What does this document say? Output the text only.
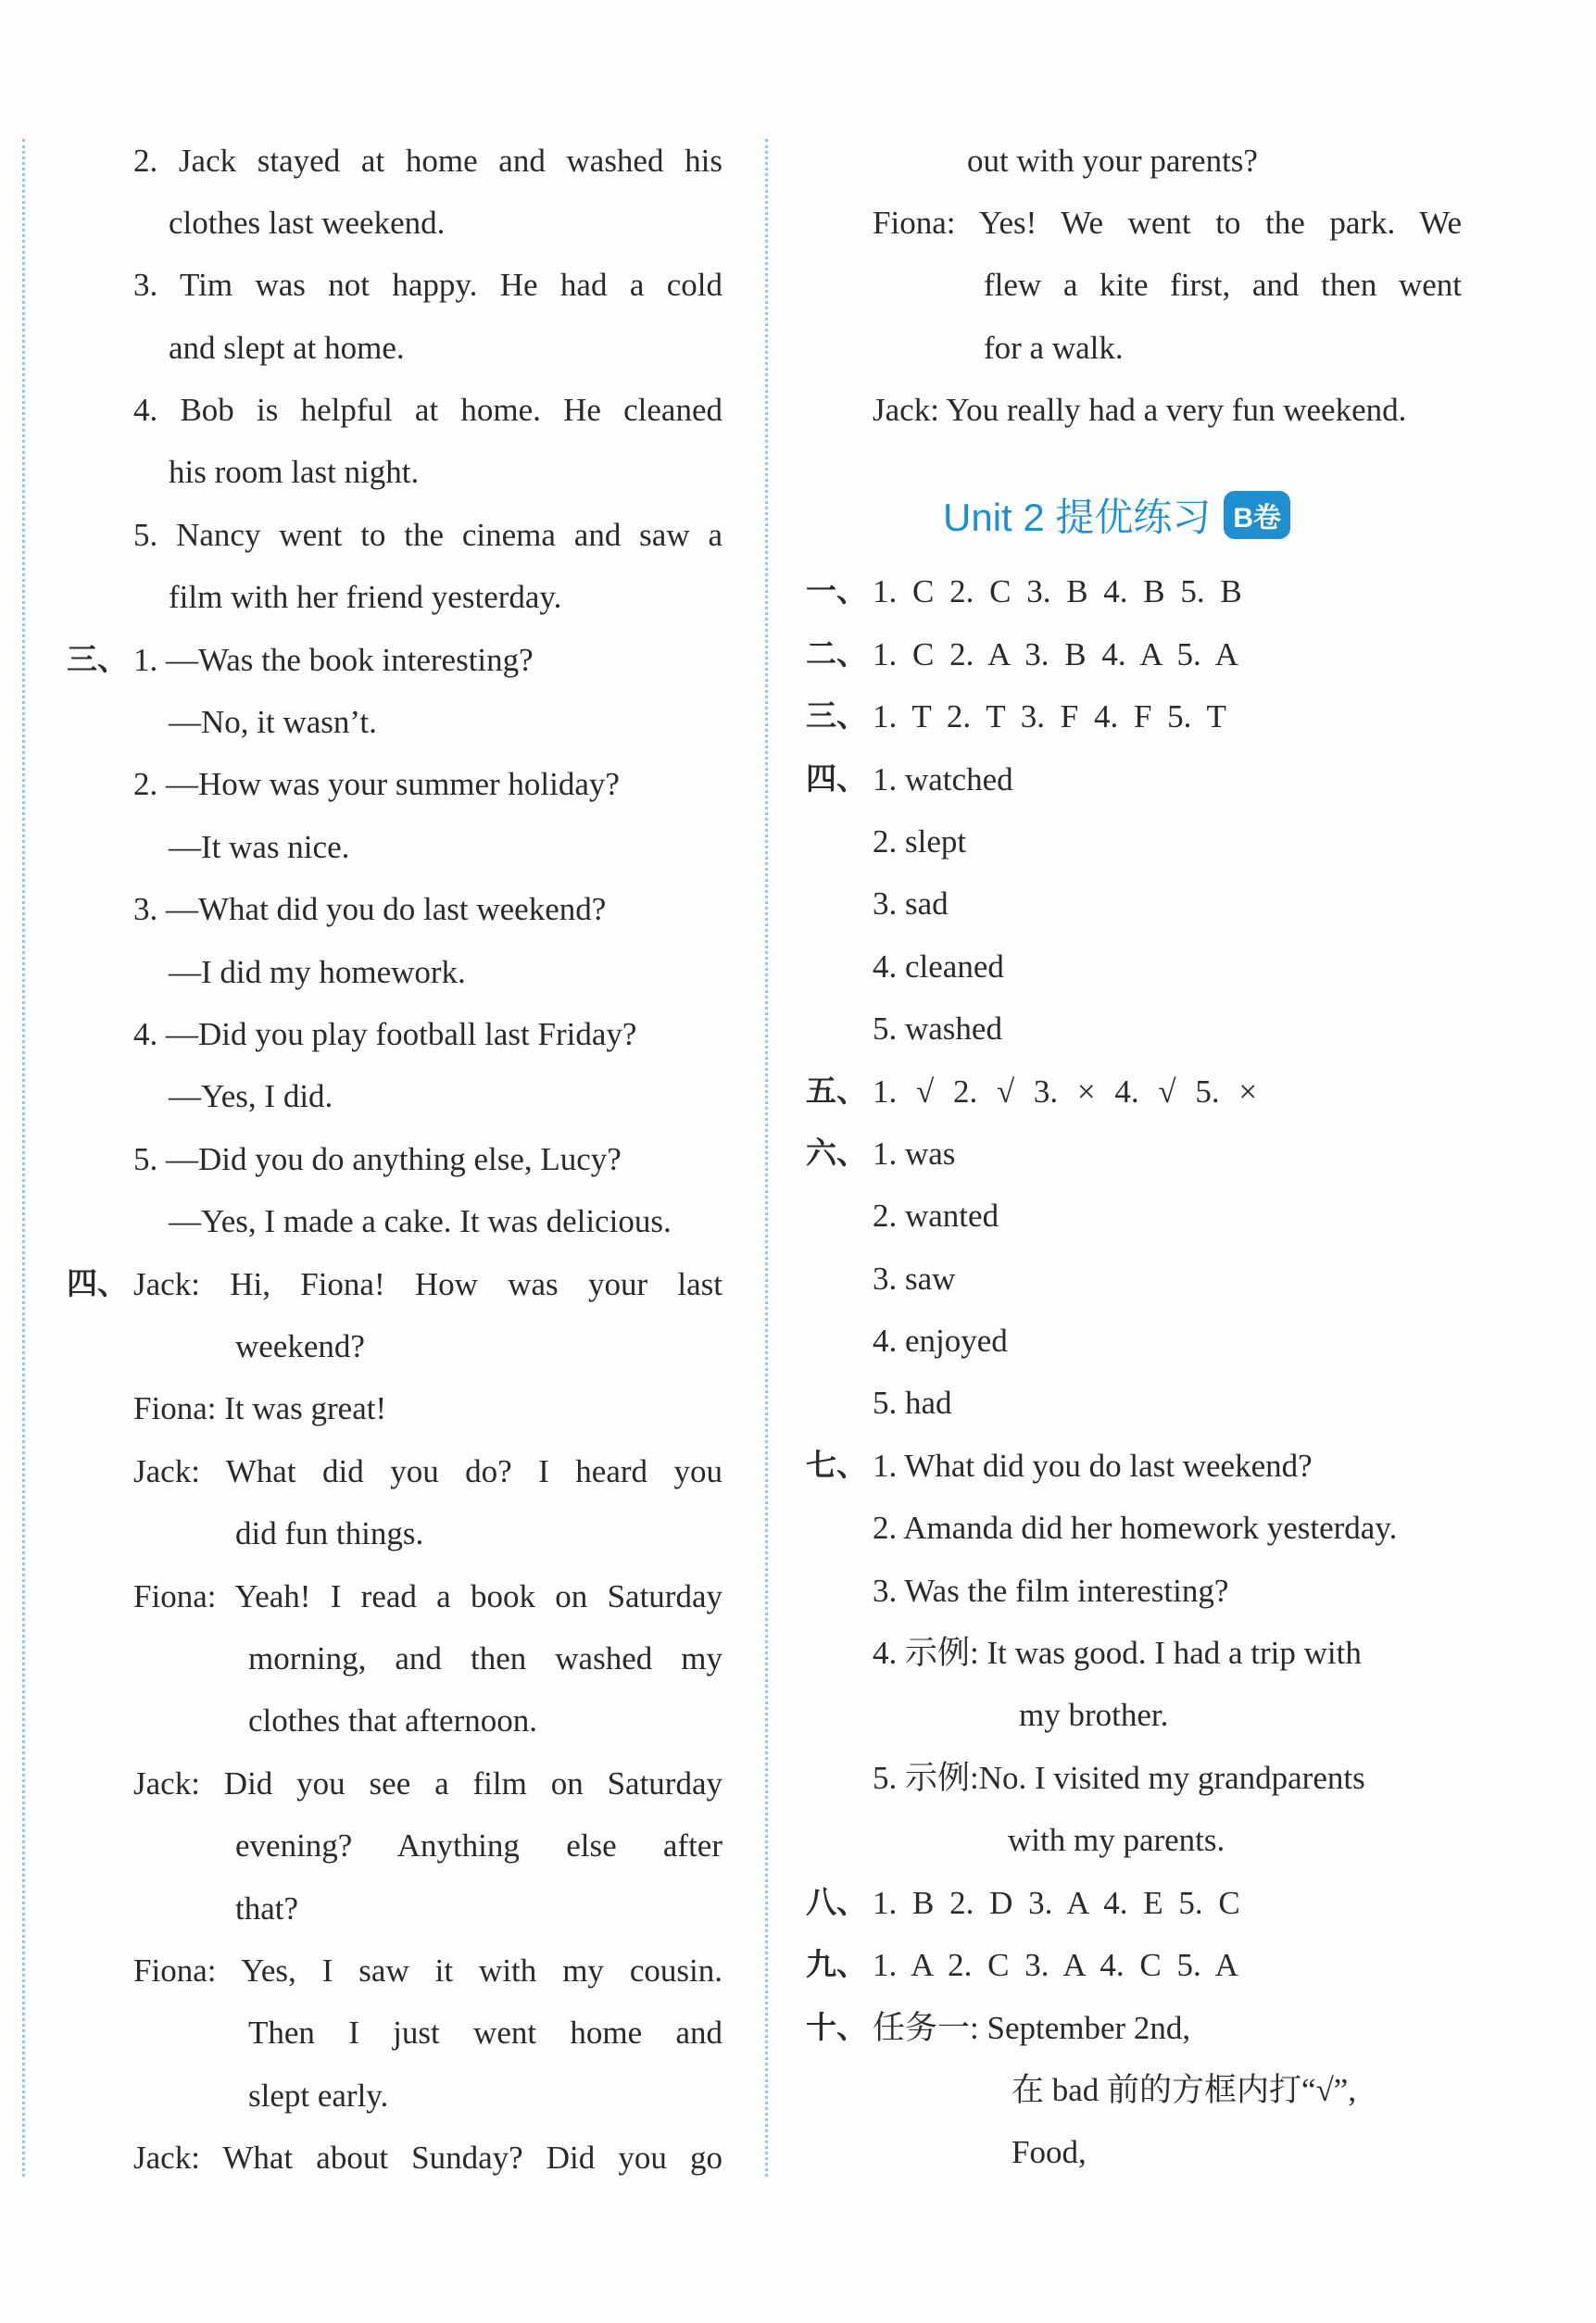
2. Jack stayed at home and washed his
clothes last weekend.
3. Tim was not happy. He had a cold
and slept at home.
4. Bob is helpful at home. He cleaned
his room last night.
5. Nancy went to the cinema and saw a
film with her friend yesterday.
三、 1. —Was the book interesting?
—No, it wasn’t.
2. —How was your summer holiday?
—It was nice.
3. —What did you do last weekend?
—I did my homework.
4. —Did you play football last Friday?
—Yes, I did.
5. —Did you do anything else, Lucy?
—Yes, I made a cake. It was delicious.
四、 Jack: Hi, Fiona! How was your last
weekend?
Fiona: It was great!
Jack: What did you do? I heard you
did fun things.
Fiona: Yeah! I read a book on Saturday
morning, and then washed my
clothes that afternoon.
Jack: Did you see a film on Saturday
evening? Anything else after
that?
Fiona: Yes, I saw it with my cousin.
Then I just went home and
slept early.
Jack: What about Sunday? Did you go
out with your parents?
Fiona: Yes! We went to the park. We
flew a kite first, and then went
for a walk.
Jack: You really had a very fun weekend.
Unit 2 提优练习 B卷
一、 1. C 2. C 3. B 4. B 5. B
二、 1. C 2. A 3. B 4. A 5. A
三、 1. T 2. T 3. F 4. F 5. T
四、 1. watched
2. slept
3. sad
4. cleaned
5. washed
五、 1. √ 2. √ 3. × 4. √ 5. ×
六、 1. was
2. wanted
3. saw
4. enjoyed
5. had
七、 1. What did you do last weekend?
2. Amanda did her homework yesterday.
3. Was the film interesting?
4. 示例: It was good. I had a trip with
my brother.
5. 示例:No. I visited my grandparents
with my parents.
八、 1. B 2. D 3. A 4. E 5. C
九、 1. A 2. C 3. A 4. C 5. A
十、 任务一: September 2nd,
在 bad 前的方框内打“√”,
Food,
